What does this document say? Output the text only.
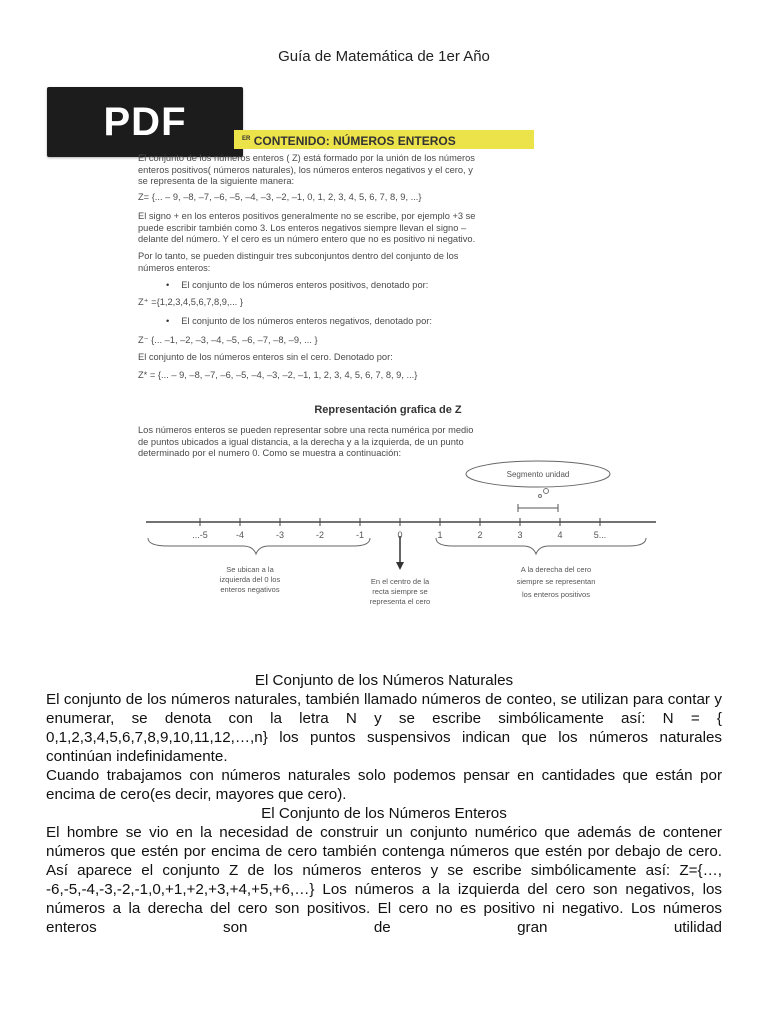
Guía de Matemática de 1er Año
PDF	$^{ER}$ CONTENIDO: NÚMEROS ENTEROS

El conjunto de los números enteros ( Z) está formado por la unión de los números

enteros positivos( números naturales), los números enteros negativos y el cero, y

se representa de la siguiente manera:

Z= {... – 9, –8, –7, –6, –5, –4, –3, –2, –1, 0, 1, 2, 3, 4, 5, 6, 7, 8, 9, ...}

El signo + en los enteros positivos generalmente no se escribe, por ejemplo +3 se

puede escribir también como 3. Los enteros negativos siempre llevan el signo –

delante del número. Y el cero es un número entero que no es positivo ni negativo.

Por lo tanto, se pueden distinguir tres subconjuntos dentro del conjunto de los

números enteros:

• El conjunto de los números enteros positivos, denotado por:

Z⁺ ={1,2,3,4,5,6,7,8,9,... }

• El conjunto de los números enteros negativos, denotado por:

Z⁻ {... –1, –2, –3, –4, –5, –6, –7, –8, –9, ... }

El conjunto de los números enteros sin el cero. Denotado por:

Z* = {... – 9, –8, –7, –6, –5, –4, –3, –2, –1, 1, 2, 3, 4, 5, 6, 7, 8, 9, ...}

Representación grafica de Z

Los números enteros se pueden representar sobre una recta numérica por medio

de puntos ubicados a igual distancia, a la derecha y a la izquierda, de un punto

determinado por el numero 0. Como se muestra a continuación:

Segmento unidad
...-5	-4	-3	-2	-1	0	1	2	3	4	5...
Se ubican a la
izquierda del 0 los
enteros negativos
En el centro de la
recta siempre se
representa el cero
A la derecha del cero
siempre se representan
los enteros positivos

El Conjunto de los Números Naturales

El conjunto de los números naturales, también llamado números de conteo, se utilizan para contar y enumerar, se denota con la letra N y se escribe simbólicamente así: N = { 0,1,2,3,4,5,6,7,8,9,10,11,12,…,n} los puntos suspensivos indican que los números naturales continúan indefinidamente.

Cuando trabajamos con números naturales solo podemos pensar en cantidades que están por encima de cero(es decir, mayores que cero).

El Conjunto de los Números Enteros

El hombre se vio en la necesidad de construir un conjunto numérico que además de contener números que estén por encima de cero también contenga números que estén por debajo de cero. Así aparece el conjunto Z de los números enteros y se escribe simbólicamente así: Z={…, -6,-5,-4,-3,-2,-1,0,+1,+2,+3,+4,+5,+6,…} Los números a la izquierda del cero son negativos, los números a la derecha del cero son positivos. El cero no es positivo ni negativo. Los números enteros son de gran utilidad
